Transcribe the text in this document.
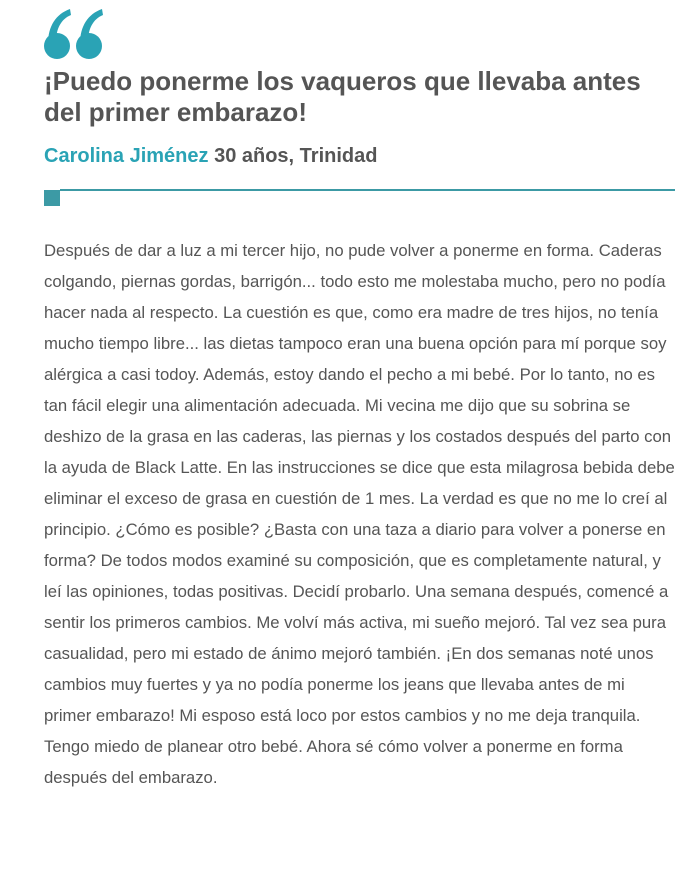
¡Puedo ponerme los vaqueros que llevaba antes del primer embarazo!
Carolina Jiménez 30 años, Trinidad

Después de dar a luz a mi tercer hijo, no pude volver a ponerme en forma. Caderas colgando, piernas gordas, barrigón... todo esto me molestaba mucho, pero no podía hacer nada al respecto. La cuestión es que, como era madre de tres hijos, no tenía mucho tiempo libre... las dietas tampoco eran una buena opción para mí porque soy alérgica a casi todoy. Además, estoy dando el pecho a mi bebé. Por lo tanto, no es tan fácil elegir una alimentación adecuada. Mi vecina me dijo que su sobrina se deshizo de la grasa en las caderas, las piernas y los costados después del parto con la ayuda de Black Latte. En las instrucciones se dice que esta milagrosa bebida debe eliminar el exceso de grasa en cuestión de 1 mes. La verdad es que no me lo creí al principio. ¿Cómo es posible? ¿Basta con una taza a diario para volver a ponerse en forma? De todos modos examiné su composición, que es completamente natural, y leí las opiniones, todas positivas. Decidí probarlo. Una semana después, comencé a sentir los primeros cambios. Me volví más activa, mi sueño mejoró. Tal vez sea pura casualidad, pero mi estado de ánimo mejoró también. ¡En dos semanas noté unos cambios muy fuertes y ya no podía ponerme los jeans que llevaba antes de mi primer embarazo! Mi esposo está loco por estos cambios y no me deja tranquila. Tengo miedo de planear otro bebé. Ahora sé cómo volver a ponerme en forma después del embarazo.
